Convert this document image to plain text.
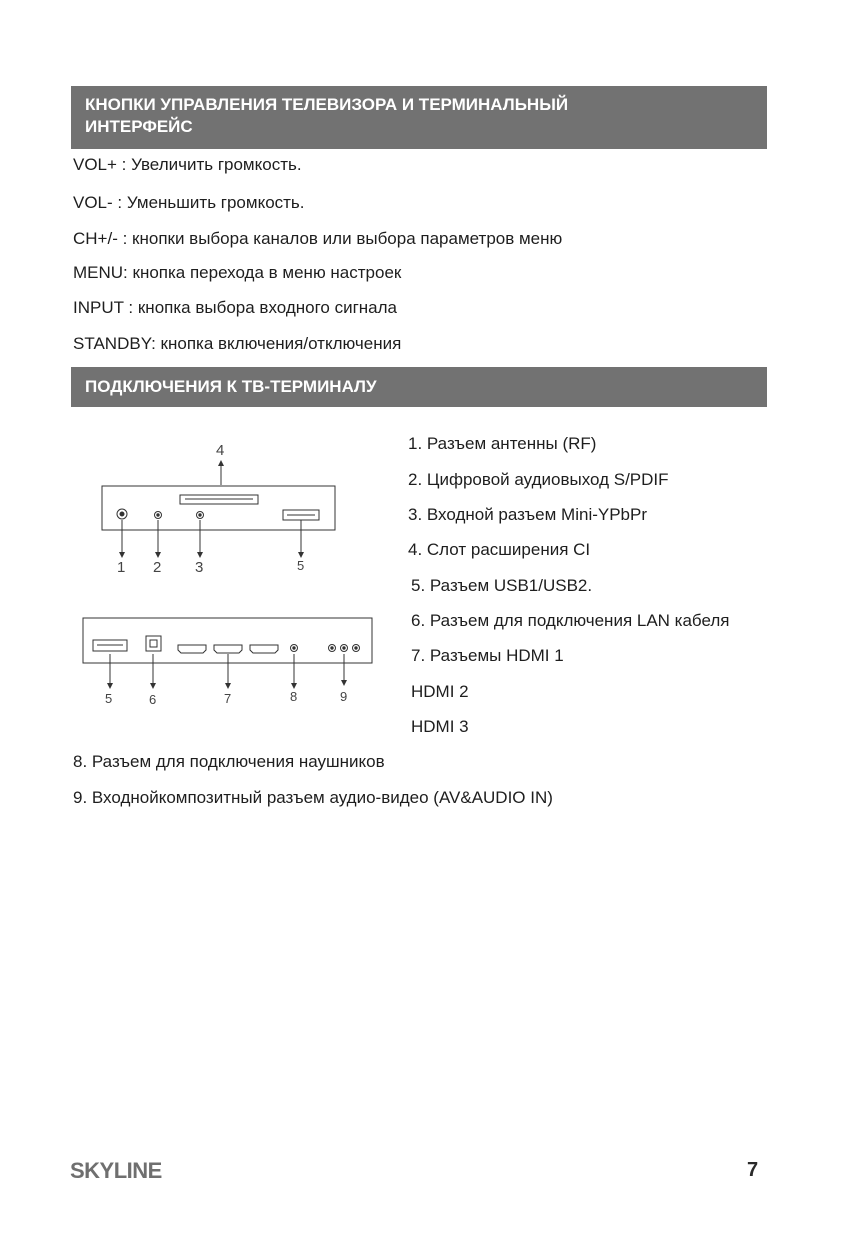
КНОПКИ УПРАВЛЕНИЯ ТЕЛЕВИЗОРА И ТЕРМИНАЛЬНЫЙ
ИНТЕРФЕЙС
VOL+ : Увеличить громкость.
VOL- : Уменьшить громкость.
CH+/- : кнопки выбора каналов или выбора параметров меню
MENU: кнопка перехода в меню настроек
INPUT : кнопка выбора входного сигнала
STANDBY: кнопка включения/отключения
ПОДКЛЮЧЕНИЯ К ТВ-ТЕРМИНАЛУ
4
1 2 3	5
5	6	7	8	9
1. Разъем антенны (RF)
2. Цифровой аудиовыход S/PDIF
3. Входной разъем Mini-YPbPr
4. Слот расширения CI
5. Разъем USB1/USB2.
6. Разъем для подключения LAN кабеля
7. Разъемы HDMI 1
HDMI 2
HDMI 3
8. Разъем для подключения наушников
9. Входнойкомпозитный разъем аудио-видео (AV&AUDIO IN)
SKYLINE	7
